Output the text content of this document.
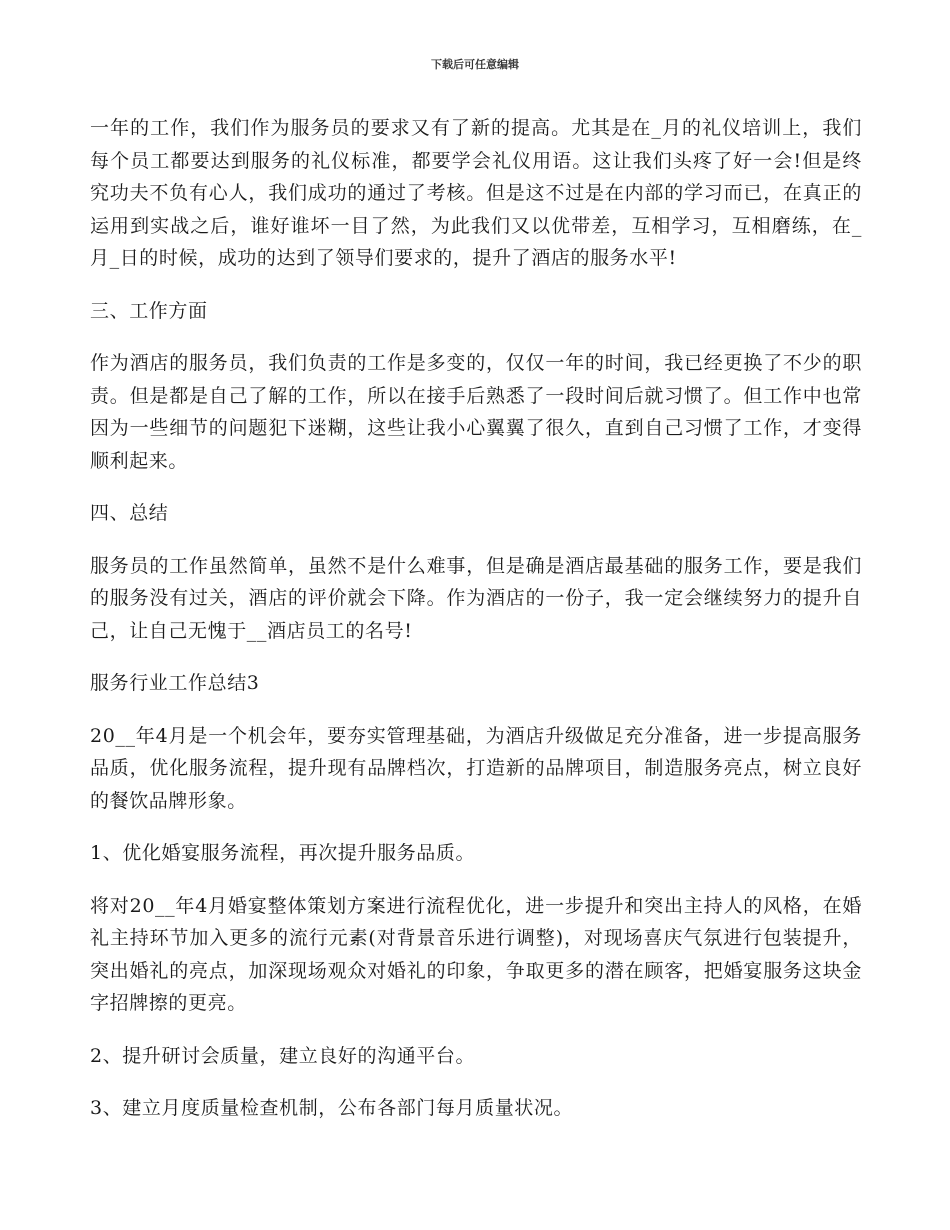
下载后可任意编辑

一年的工作，我们作为服务员的要求又有了新的提高。尤其是在_月的礼仪培训上，我们每个员工都要达到服务的礼仪标准，都要学会礼仪用语。这让我们头疼了好一会!但是终究功夫不负有心人，我们成功的通过了考核。但是这不过是在内部的学习而已，在真正的运用到实战之后，谁好谁坏一目了然，为此我们又以优带差，互相学习，互相磨练，在_月_日的时候，成功的达到了领导们要求的，提升了酒店的服务水平!

三、工作方面

作为酒店的服务员，我们负责的工作是多变的，仅仅一年的时间，我已经更换了不少的职责。但是都是自己了解的工作，所以在接手后熟悉了一段时间后就习惯了。但工作中也常因为一些细节的问题犯下迷糊，这些让我小心翼翼了很久，直到自己习惯了工作，才变得顺利起来。

四、总结

服务员的工作虽然简单，虽然不是什么难事，但是确是酒店最基础的服务工作，要是我们的服务没有过关，酒店的评价就会下降。作为酒店的一份子，我一定会继续努力的提升自己，让自己无愧于__酒店员工的名号!

服务行业工作总结3

20__年4月是一个机会年，要夯实管理基础，为酒店升级做足充分准备，进一步提高服务品质，优化服务流程，提升现有品牌档次，打造新的品牌项目，制造服务亮点，树立良好的餐饮品牌形象。

1、优化婚宴服务流程，再次提升服务品质。

将对20__年4月婚宴整体策划方案进行流程优化，进一步提升和突出主持人的风格，在婚礼主持环节加入更多的流行元素(对背景音乐进行调整)，对现场喜庆气氛进行包装提升，突出婚礼的亮点，加深现场观众对婚礼的印象，争取更多的潜在顾客，把婚宴服务这块金字招牌擦的更亮。

2、提升研讨会质量，建立良好的沟通平台。

3、建立月度质量检查机制，公布各部门每月质量状况。
